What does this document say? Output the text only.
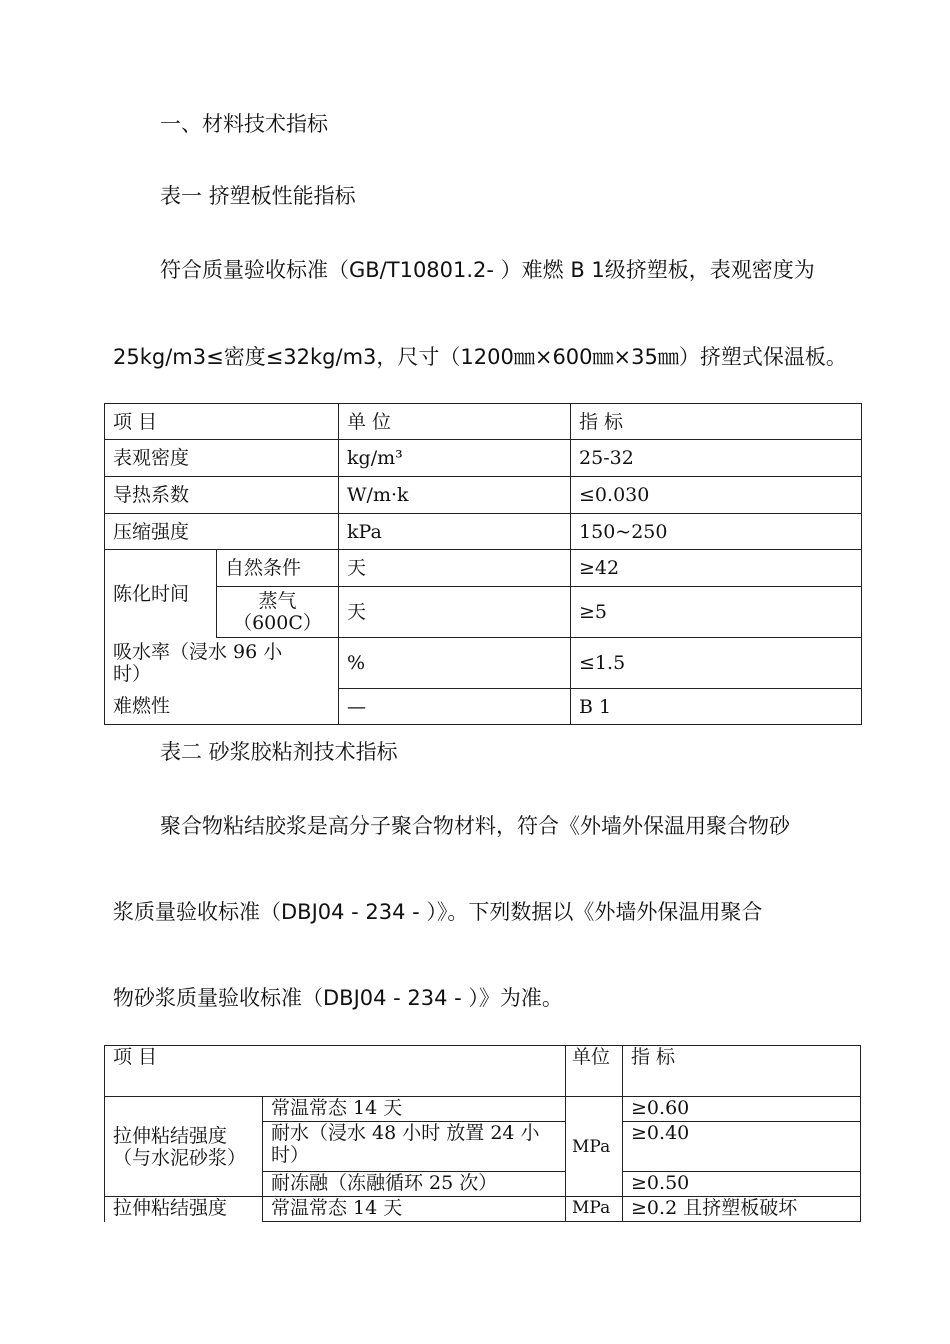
一、材料技术指标
表一 挤塑板性能指标
符合质量验收标准（GB/T10801.2- ）难燃 B 1级挤塑板，表观密度为
25kg/m3≤密度≤32kg/m3，尺寸（1200㎜×600㎜×35㎜）挤塑式保温板。
项 目		单 位	指 标
表观密度		kg/m³	25-32
导热系数		W/m·k	≤0.030
压缩强度		kPa	150~250
陈化时间	自然条件	天	≥42
	蒸气（600C）	天	≥5
吸水率（浸水 96 小时）		%	≤1.5
难燃性		—	B 1
表二 砂浆胶粘剂技术指标
聚合物粘结胶浆是高分子聚合物材料，符合《外墙外保温用聚合物砂
浆质量验收标准（DBJ04 - 234 - ）》。下列数据以《外墙外保温用聚合
物砂浆质量验收标准（DBJ04 - 234 - ）》为准。
项 目		单位	指 标
拉伸粘结强度（与水泥砂浆）	常温常态 14 天	MPa	≥0.60
	耐水（浸水 48 小时 放置 24 小时）		≥0.40
	耐冻融（冻融循环 25 次）		≥0.50
拉伸粘结强度	常温常态 14 天	MPa	≥0.2 且挤塑板破坏
